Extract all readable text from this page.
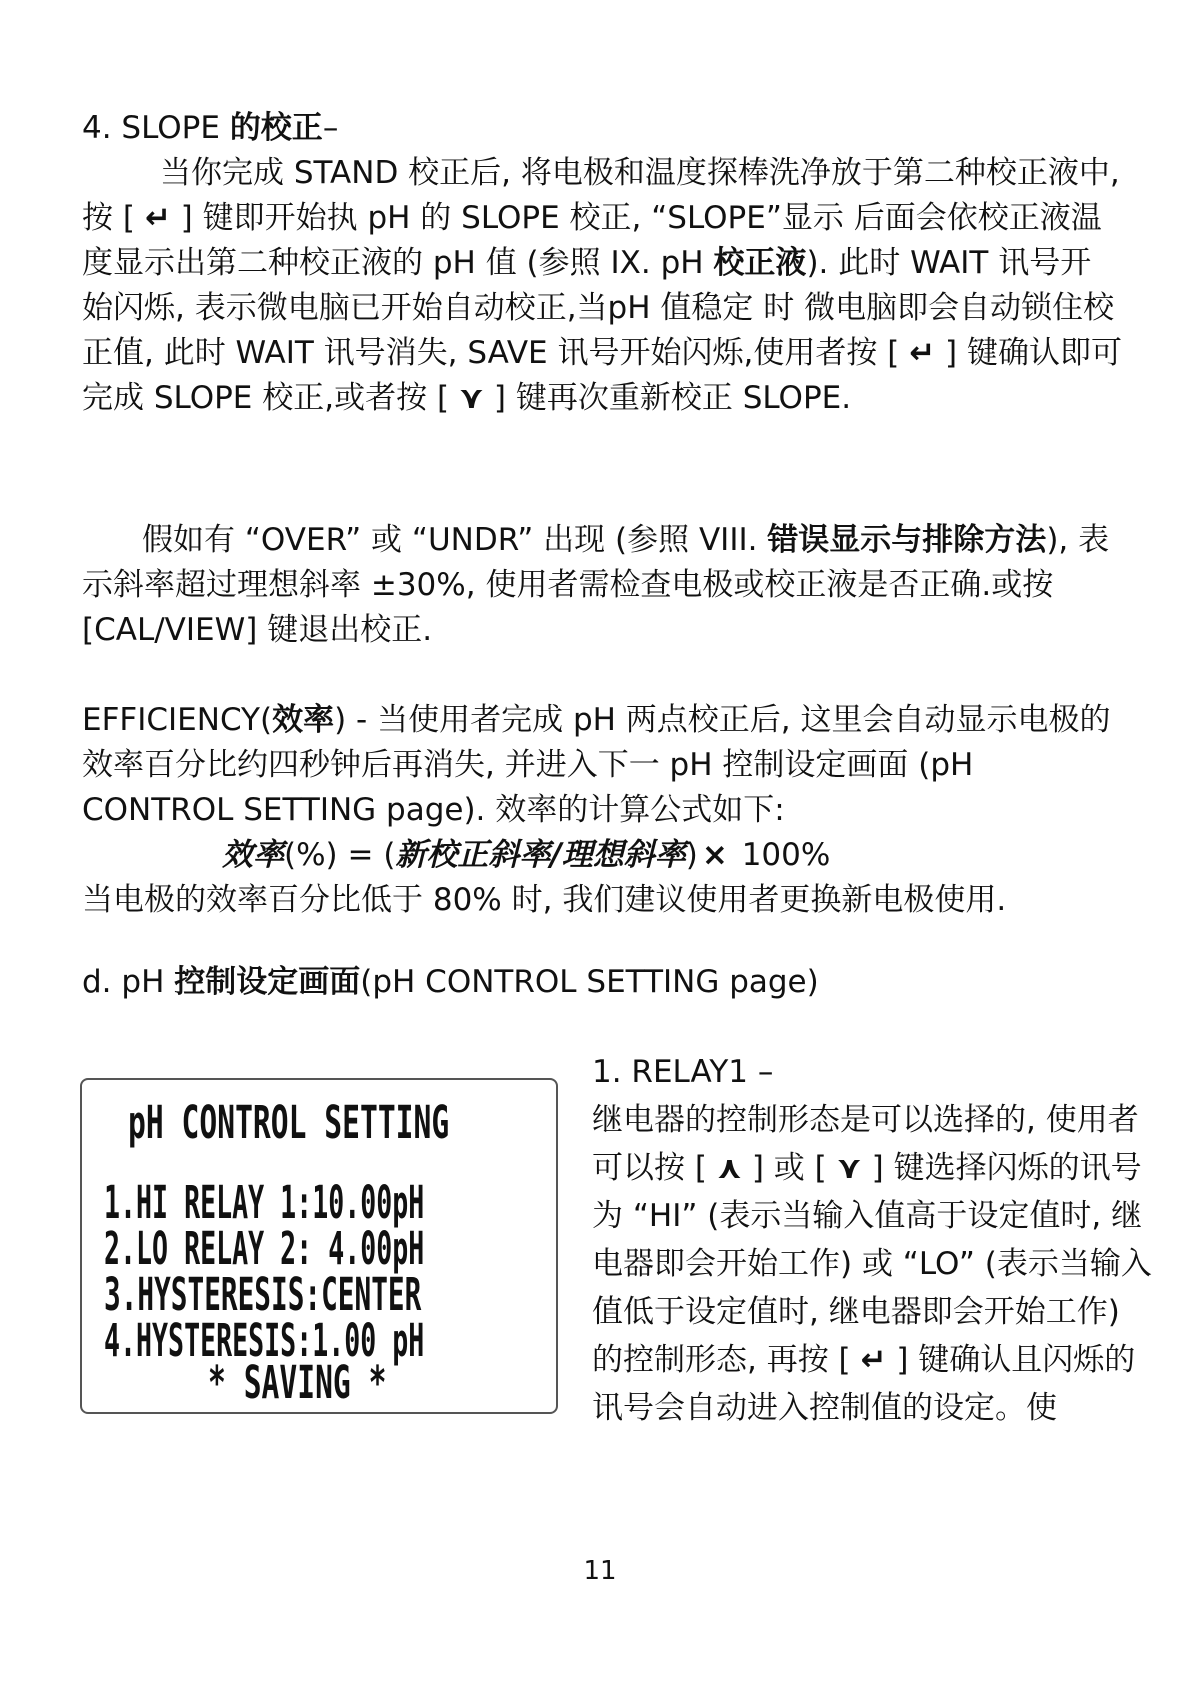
4. SLOPE 的校正–

当你完成 STAND 校正后, 将电极和温度探棒洗净放于第二种校正液中, 按 [ ↵ ] 键即开始执 pH 的 SLOPE 校正, “SLOPE”显示 后面会依校正液温度显示出第二种校正液的 pH 值 (参照 IX. pH 校正液). 此时 WAIT 讯号开始闪烁, 表示微电脑已开始自动校正,当pH 值稳定 时 微电脑即会自动锁住校正值, 此时 WAIT 讯号消失, SAVE 讯号开始闪烁,使用者按 [ ↵ ] 键确认即可完成 SLOPE 校正,或者按 [ ⋎ ] 键再次重新校正 SLOPE.

假如有 “OVER” 或 “UNDR” 出现 (参照 VIII. 错误显示与排除方法), 表示斜率超过理想斜率 ±30%, 使用者需检查电极或校正液是否正确.或按[CAL/VIEW] 键退出校正.

EFFICIENCY(效率) - 当使用者完成 pH 两点校正后, 这里会自动显示电极的效率百分比约四秒钟后再消失, 并进入下一 pH 控制设定画面 (pH CONTROL SETTING page). 效率的计算公式如下:

效率(%) = (新校正斜率/理想斜率) × 100%

当电极的效率百分比低于 80% 时, 我们建议使用者更换新电极使用.

d. pH 控制设定画面(pH CONTROL SETTING page)

pH CONTROL SETTING
1.HI RELAY 1:10.00pH
2.LO RELAY 2: 4.00pH
3.HYSTERESIS:CENTER
4.HYSTERESIS:1.00 pH
* SAVING *

1. RELAY1 –

继电器的控制形态是可以选择的, 使用者可以按 [ ⋏ ] 或 [ ⋎ ] 键选择闪烁的讯号为 “HI” (表示当输入值高于设定值时, 继电器即会开始工作) 或 “LO” (表示当输入值低于设定值时, 继电器即会开始工作) 的控制形态, 再按 [ ↵ ] 键确认且闪烁的讯号会自动进入控制值的设定。使

11
